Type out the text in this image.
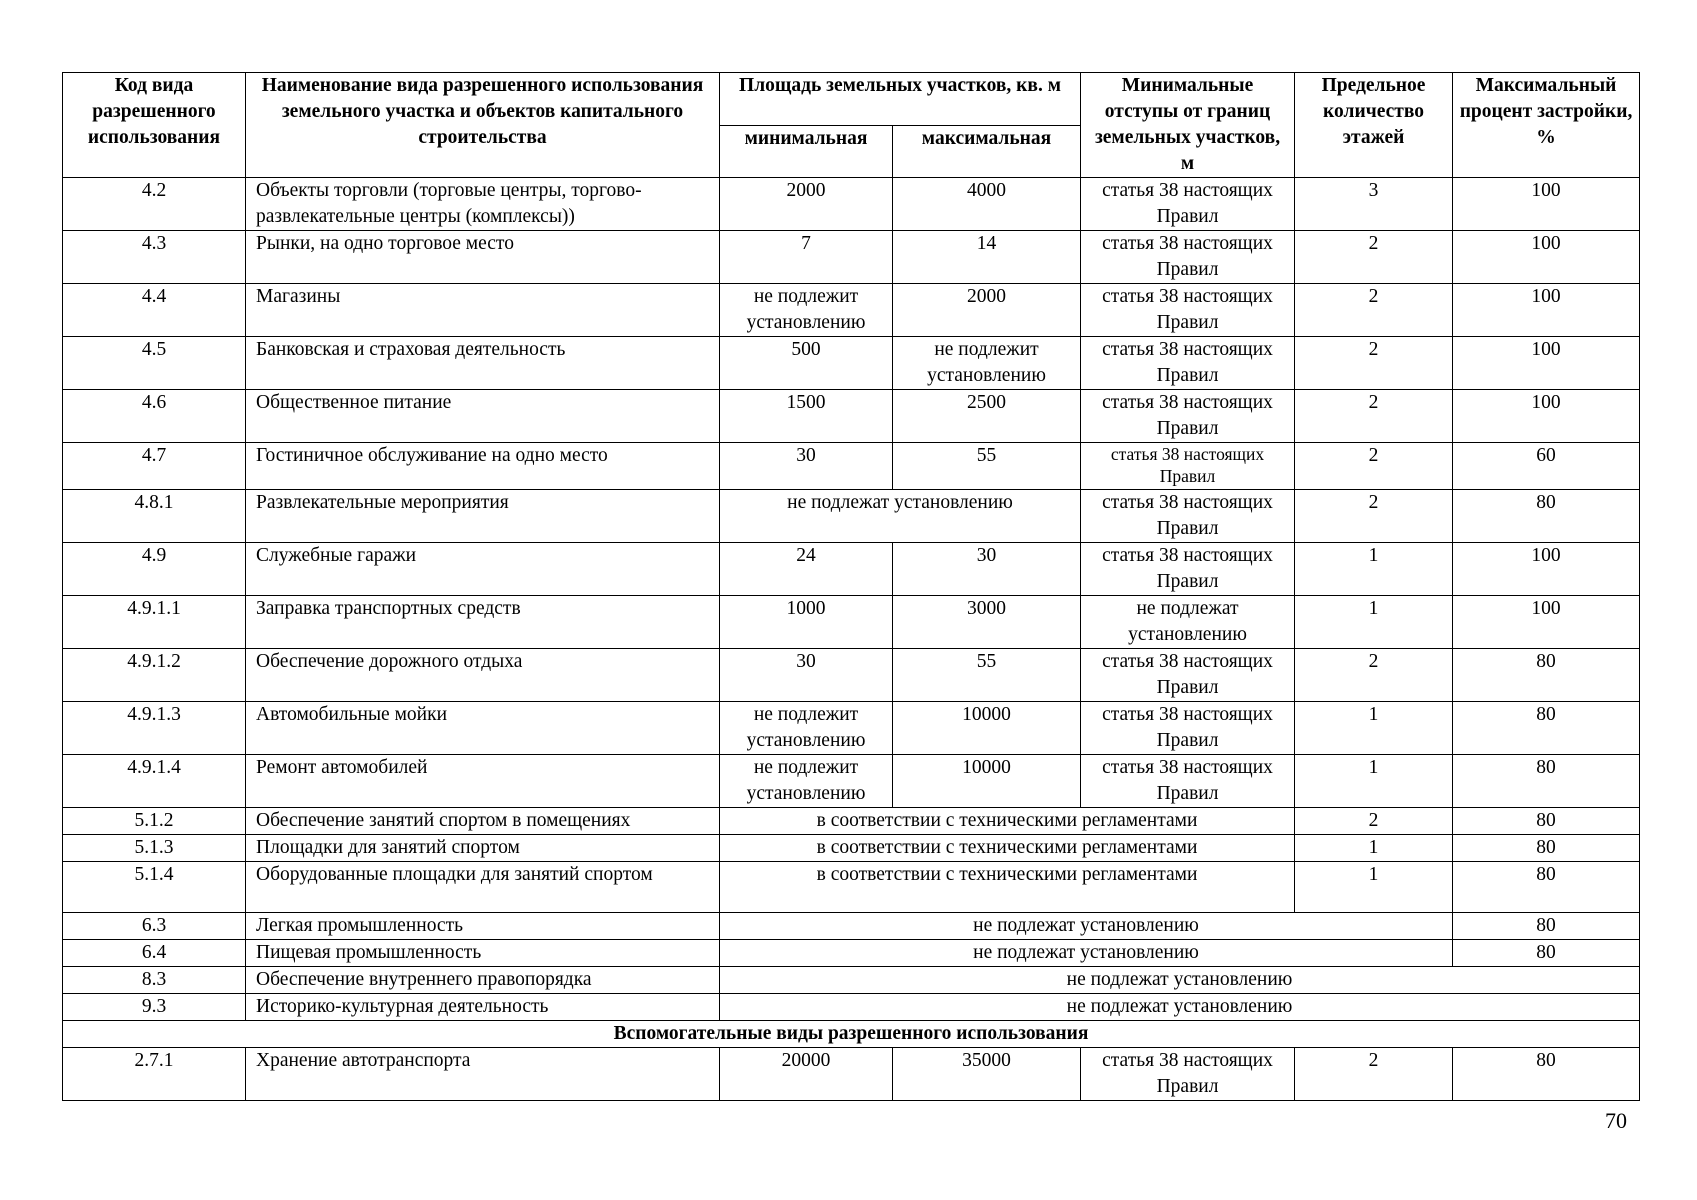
Код вида разрешенного использования	Наименование вида разрешенного использования земельного участка и объектов капитального строительства	Площадь земельных участков, кв. м		Минимальные отступы от границ земельных участков, м	Предельное количество этажей	Максимальный процент застройки, %
		минимальная	максимальная			
4.2	Объекты торговли (торговые центры, торгово-развлекательные центры (комплексы))	2000	4000	статья 38 настоящих Правил	3	100
4.3	Рынки, на одно торговое место	7	14	статья 38 настоящих Правил	2	100
4.4	Магазины	не подлежит установлению	2000	статья 38 настоящих Правил	2	100
4.5	Банковская и страховая деятельность	500	не подлежит установлению	статья 38 настоящих Правил	2	100
4.6	Общественное питание	1500	2500	статья 38 настоящих Правил	2	100
4.7	Гостиничное обслуживание на одно место	30	55	статья 38 настоящих Правил	2	60
4.8.1	Развлекательные мероприятия	не подлежат установлению		статья 38 настоящих Правил	2	80
4.9	Служебные гаражи	24	30	статья 38 настоящих Правил	1	100
4.9.1.1	Заправка транспортных средств	1000	3000	не подлежат установлению	1	100
4.9.1.2	Обеспечение дорожного отдыха	30	55	статья 38 настоящих Правил	2	80
4.9.1.3	Автомобильные мойки	не подлежит установлению	10000	статья 38 настоящих Правил	1	80
4.9.1.4	Ремонт автомобилей	не подлежит установлению	10000	статья 38 настоящих Правил	1	80
5.1.2	Обеспечение занятий спортом в помещениях	в соответствии с техническими регламентами			2	80
5.1.3	Площадки для занятий спортом	в соответствии с техническими регламентами			1	80
5.1.4	Оборудованные площадки для занятий спортом	в соответствии с техническими регламентами			1	80
6.3	Легкая промышленность	не подлежат установлению				80
6.4	Пищевая промышленность	не подлежат установлению				80
8.3	Обеспечение внутреннего правопорядка	не подлежат установлению				
9.3	Историко-культурная деятельность	не подлежат установлению				
Вспомогательные виды разрешенного использования						
2.7.1	Хранение автотранспорта	20000	35000	статья 38 настоящих Правил	2	80
70
